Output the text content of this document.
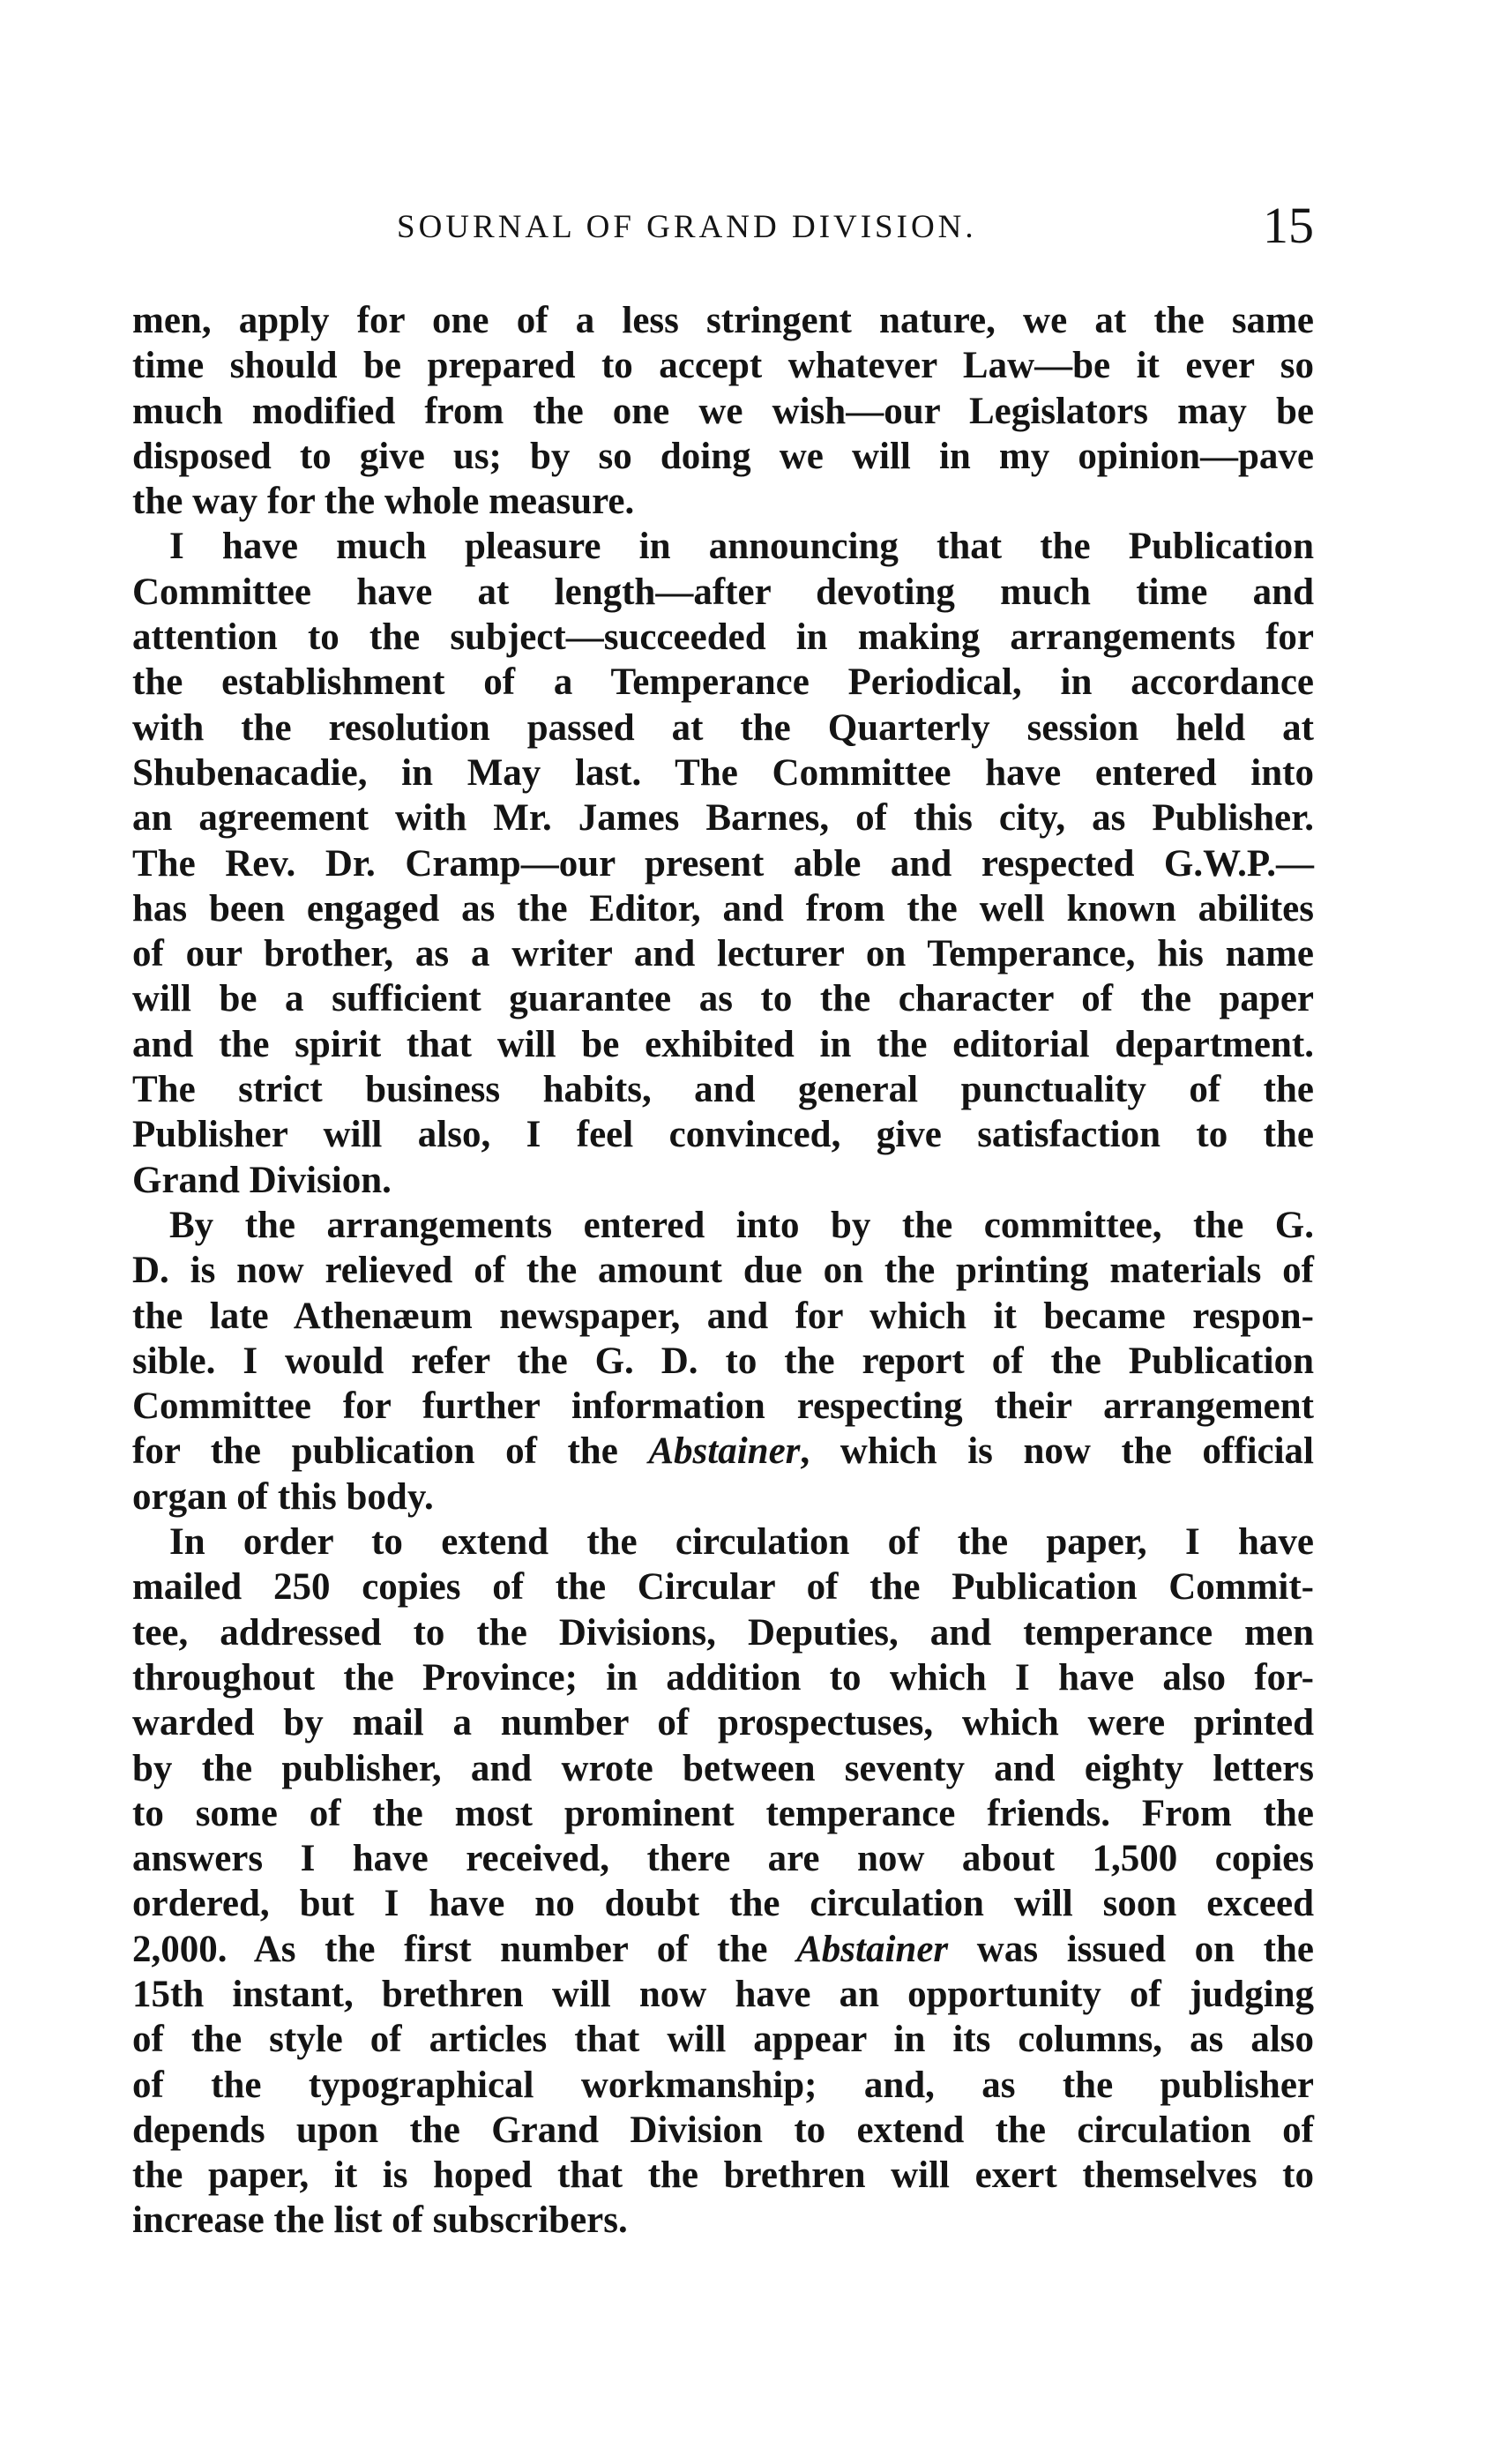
SOURNAL OF GRAND DIVISION.	15
men, apply for one of a less stringent nature, we at the same
time should be prepared to accept whatever Law—be it ever so
much modified from the one we wish—our Legislators may be
disposed to give us; by so doing we will in my opinion—pave
the way for the whole measure.
I have much pleasure in announcing that the Publication
Committee have at length—after devoting much time and
attention to the subject—succeeded in making arrangements for
the establishment of a Temperance Periodical, in accordance
with the resolution passed at the Quarterly session held at
Shubenacadie, in May last. The Committee have entered into
an agreement with Mr. James Barnes, of this city, as Publisher.
The Rev. Dr. Cramp—our present able and respected G.W.P.—
has been engaged as the Editor, and from the well known abilites
of our brother, as a writer and lecturer on Temperance, his name
will be a sufficient guarantee as to the character of the paper
and the spirit that will be exhibited in the editorial department.
The strict business habits, and general punctuality of the
Publisher will also, I feel convinced, give satisfaction to the
Grand Division.
By the arrangements entered into by the committee, the G.
D. is now relieved of the amount due on the printing materials of
the late Athenæum newspaper, and for which it became respon-
sible. I would refer the G. D. to the report of the Publication
Committee for further information respecting their arrangement
for the publication of the Abstainer, which is now the official
organ of this body.
In order to extend the circulation of the paper, I have
mailed 250 copies of the Circular of the Publication Commit-
tee, addressed to the Divisions, Deputies, and temperance men
throughout the Province; in addition to which I have also for-
warded by mail a number of prospectuses, which were printed
by the publisher, and wrote between seventy and eighty letters
to some of the most prominent temperance friends. From the
answers I have received, there are now about 1,500 copies
ordered, but I have no doubt the circulation will soon exceed
2,000. As the first number of the Abstainer was issued on the
15th instant, brethren will now have an opportunity of judging
of the style of articles that will appear in its columns, as also
of the typographical workmanship; and, as the publisher
depends upon the Grand Division to extend the circulation of
the paper, it is hoped that the brethren will exert themselves to
increase the list of subscribers.
